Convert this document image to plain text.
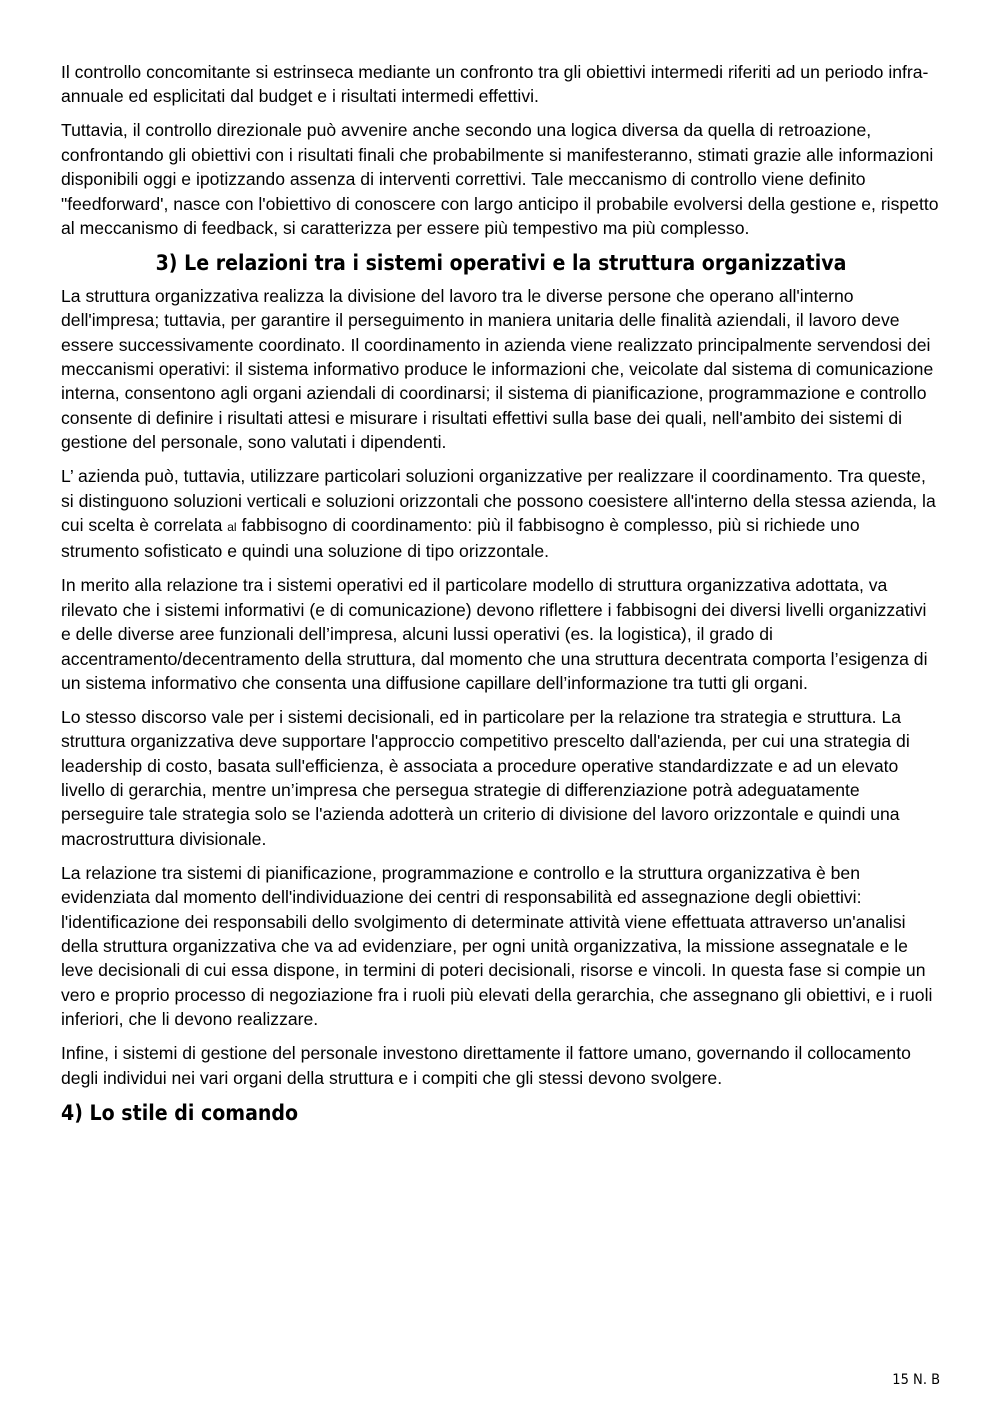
Il controllo concomitante si estrinseca mediante un confronto tra gli obiettivi intermedi riferiti ad un periodo infra-annuale ed esplicitati dal budget e i risultati intermedi effettivi.

Tuttavia, il controllo direzionale può avvenire anche secondo una logica diversa da quella di retroazione, confrontando gli obiettivi con i risultati finali che probabilmente si manifesteranno, stimati grazie alle informazioni disponibili oggi e ipotizzando assenza di interventi correttivi. Tale meccanismo di controllo viene definito "feedforward', nasce con l'obiettivo di conoscere con largo anticipo il probabile evolversi della gestione e, rispetto al meccanismo di feedback, si caratterizza per essere più tempestivo ma più complesso.

3) Le relazioni tra i sistemi operativi e la struttura organizzativa

La struttura organizzativa realizza la divisione del lavoro tra le diverse persone che operano all'interno dell'impresa; tuttavia, per garantire il perseguimento in maniera unitaria delle finalità aziendali, il lavoro deve essere successivamente coordinato. Il coordinamento in azienda viene realizzato principalmente servendosi dei meccanismi operativi: il sistema informativo produce le informazioni che, veicolate dal sistema di comunicazione interna, consentono agli organi aziendali di coordinarsi; il sistema di pianificazione, programmazione e controllo consente di definire i risultati attesi e misurare i risultati effettivi sulla base dei quali, nell'ambito dei sistemi di gestione del personale, sono valutati i dipendenti.

L’ azienda può, tuttavia, utilizzare particolari soluzioni organizzative per realizzare il coordinamento. Tra queste, si distinguono soluzioni verticali e soluzioni orizzontali che possono coesistere all'interno della stessa azienda, la cui scelta è correlata al fabbisogno di coordinamento: più il fabbisogno è complesso, più si richiede uno strumento sofisticato e quindi una soluzione di tipo orizzontale.

In merito alla relazione tra i sistemi operativi ed il particolare modello di struttura organizzativa adottata, va rilevato che i sistemi informativi (e di comunicazione) devono riflettere i fabbisogni dei diversi livelli organizzativi e delle diverse aree funzionali dell’impresa, alcuni lussi operativi (es. la logistica), il grado di accentramento/decentramento della struttura, dal momento che una struttura decentrata comporta l’esigenza di un sistema informativo che consenta una diffusione capillare dell’informazione tra tutti gli organi.

Lo stesso discorso vale per i sistemi decisionali, ed in particolare per la relazione tra strategia e struttura. La struttura organizzativa deve supportare l'approccio competitivo prescelto dall'azienda, per cui una strategia di leadership di costo, basata sull'efficienza, è associata a procedure operative standardizzate e ad un elevato livello di gerarchia, mentre un’impresa che persegua strategie di differenziazione potrà adeguatamente perseguire tale strategia solo se l'azienda adotterà un criterio di divisione del lavoro orizzontale e quindi una macrostruttura divisionale.

La relazione tra sistemi di pianificazione, programmazione e controllo e la struttura organizzativa è ben evidenziata dal momento dell'individuazione dei centri di responsabilità ed assegnazione degli obiettivi: l'identificazione dei responsabili dello svolgimento di determinate attività viene effettuata attraverso un'analisi della struttura organizzativa che va ad evidenziare, per ogni unità organizzativa, la missione assegnatale e le leve decisionali di cui essa dispone, in termini di poteri decisionali, risorse e vincoli. In questa fase si compie un vero e proprio processo di negoziazione fra i ruoli più elevati della gerarchia, che assegnano gli obiettivi, e i ruoli inferiori, che li devono realizzare.

Infine, i sistemi di gestione del personale investono direttamente il fattore umano, governando il collocamento degli individui nei vari organi della struttura e i compiti che gli stessi devono svolgere.

4) Lo stile di comando
15 N. B
